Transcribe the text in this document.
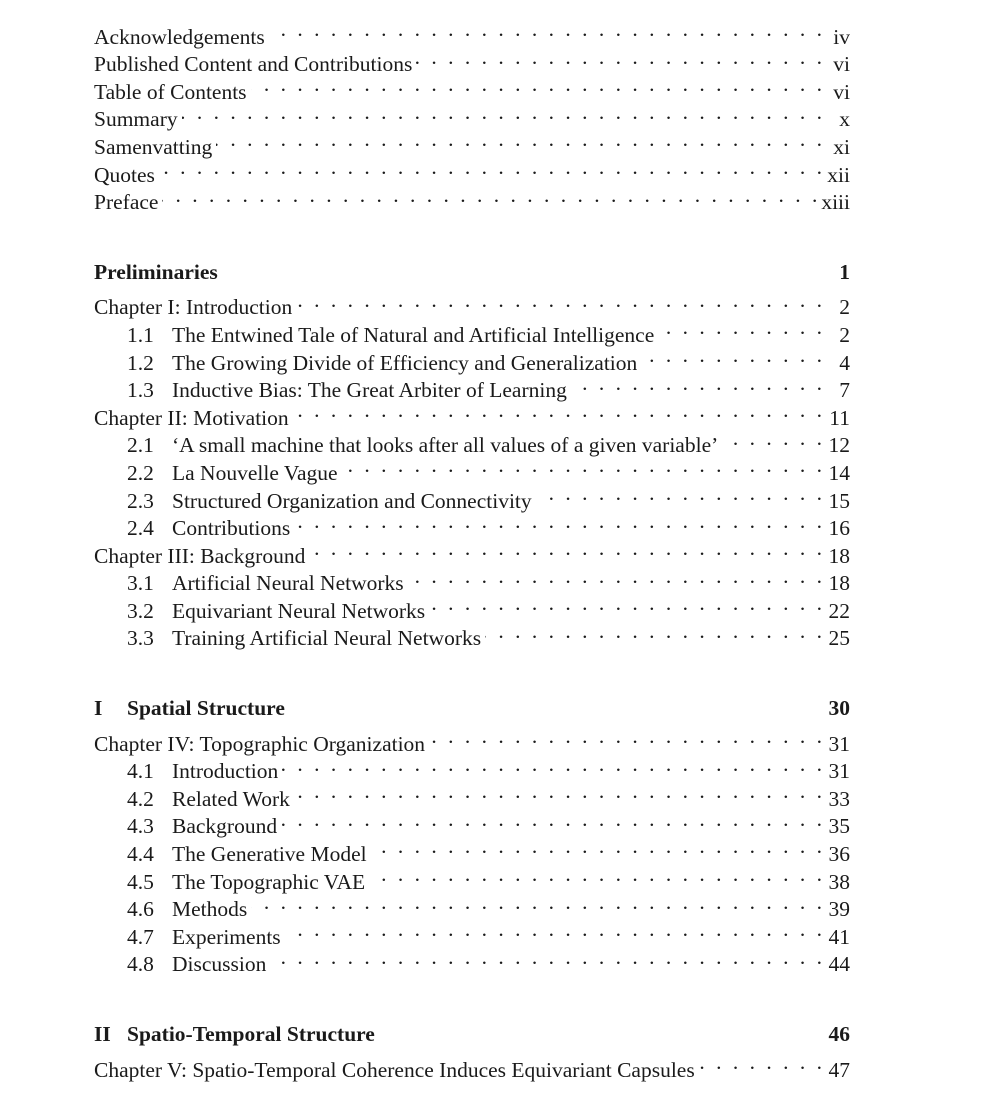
Acknowledgements . . .	iv
Published Content and Contributions . . .	vi
Table of Contents . . .	vi
Summary . . .	x
Samenvatting . . .	xi
Quotes . . .	xii
Preface . . .	xiii
Preliminaries	1
Chapter I: Introduction . . .	2
1.1 The Entwined Tale of Natural and Artificial Intelligence . . .	2
1.2 The Growing Divide of Efficiency and Generalization . . .	4
1.3 Inductive Bias: The Great Arbiter of Learning . . .	7
Chapter II: Motivation . . .	11
2.1 ‘A small machine that looks after all values of a given variable’ . . .	12
2.2 La Nouvelle Vague . . .	14
2.3 Structured Organization and Connectivity . . .	15
2.4 Contributions . . .	16
Chapter III: Background . . .	18
3.1 Artificial Neural Networks . . .	18
3.2 Equivariant Neural Networks . . .	22
3.3 Training Artificial Neural Networks . . .	25
I	Spatial Structure	30
Chapter IV: Topographic Organization . . .	31
4.1 Introduction . . .	31
4.2 Related Work . . .	33
4.3 Background . . .	35
4.4 The Generative Model . . .	36
4.5 The Topographic VAE . . .	38
4.6 Methods . . .	39
4.7 Experiments . . .	41
4.8 Discussion . . .	44
II Spatio-Temporal Structure	46
Chapter V: Spatio-Temporal Coherence Induces Equivariant Capsules . . .	47
